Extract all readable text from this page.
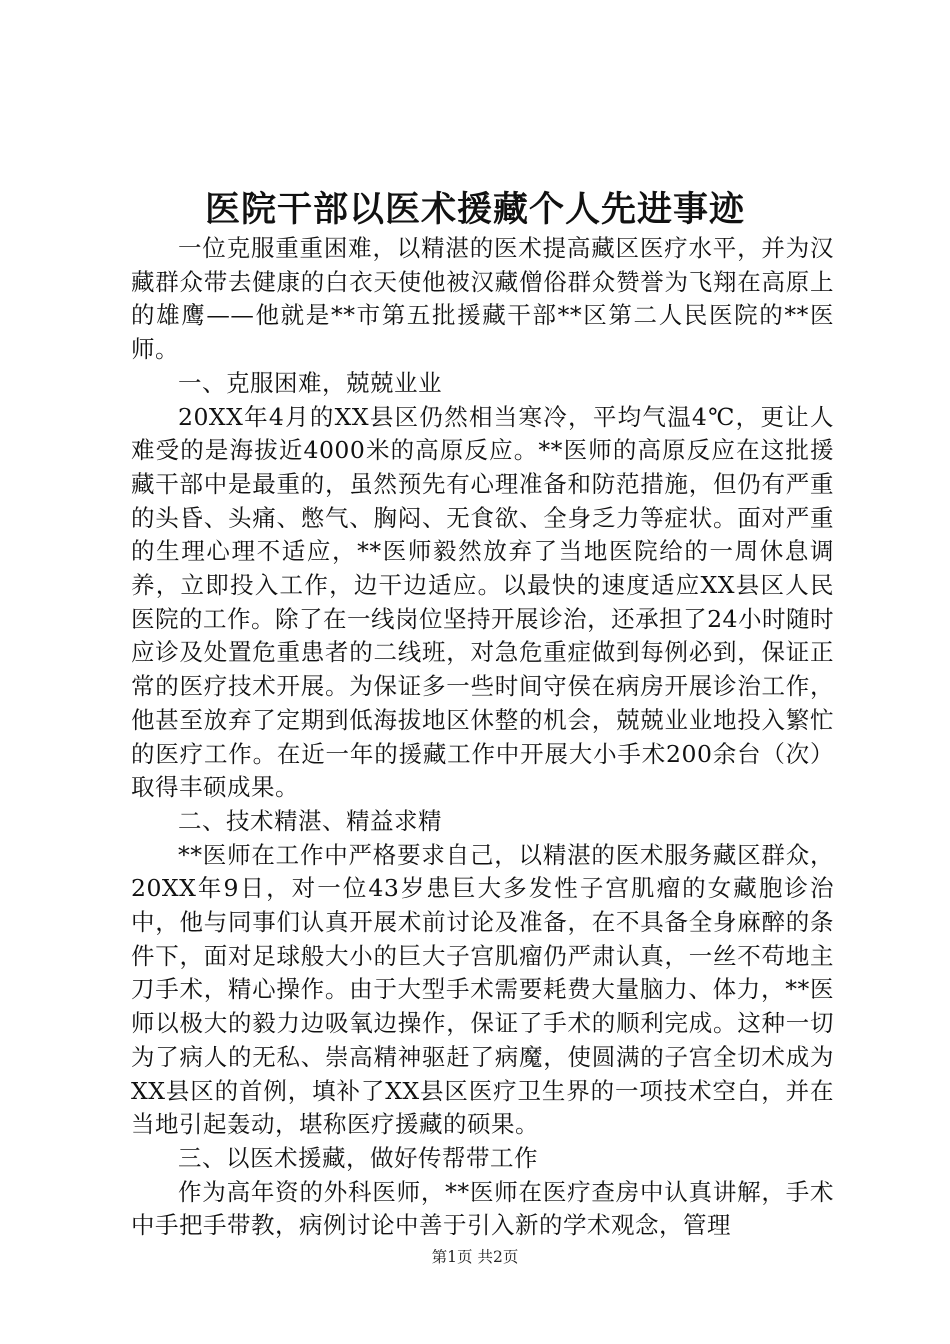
医院干部以医术援藏个人先进事迹

一位克服重重困难，以精湛的医术提高藏区医疗水平，并为汉藏群众带去健康的白衣天使他被汉藏僧俗群众赞誉为飞翔在高原上的雄鹰——他就是**市第五批援藏干部**区第二人民医院的**医师。

一、克服困难，兢兢业业

20XX年4月的XX县区仍然相当寒冷，平均气温4℃，更让人难受的是海拔近4000米的高原反应。**医师的高原反应在这批援藏干部中是最重的，虽然预先有心理准备和防范措施，但仍有严重的头昏、头痛、憋气、胸闷、无食欲、全身乏力等症状。面对严重的生理心理不适应，**医师毅然放弃了当地医院给的一周休息调养，立即投入工作，边干边适应。以最快的速度适应XX县区人民医院的工作。除了在一线岗位坚持开展诊治，还承担了24小时随时应诊及处置危重患者的二线班，对急危重症做到每例必到，保证正常的医疗技术开展。为保证多一些时间守侯在病房开展诊治工作，他甚至放弃了定期到低海拔地区休整的机会，兢兢业业地投入繁忙的医疗工作。在近一年的援藏工作中开展大小手术200余台（次）取得丰硕成果。

二、技术精湛、精益求精

**医师在工作中严格要求自己，以精湛的医术服务藏区群众，20XX年9日，对一位43岁患巨大多发性子宫肌瘤的女藏胞诊治中，他与同事们认真开展术前讨论及准备，在不具备全身麻醉的条件下，面对足球般大小的巨大子宫肌瘤仍严肃认真，一丝不苟地主刀手术，精心操作。由于大型手术需要耗费大量脑力、体力，**医师以极大的毅力边吸氧边操作，保证了手术的顺利完成。这种一切为了病人的无私、崇高精神驱赶了病魔，使圆满的子宫全切术成为XX县区的首例，填补了XX县区医疗卫生界的一项技术空白，并在当地引起轰动，堪称医疗援藏的硕果。

三、以医术援藏，做好传帮带工作

作为高年资的外科医师，**医师在医疗查房中认真讲解，手术中手把手带教，病例讨论中善于引入新的学术观念，管理

第1页 共2页
